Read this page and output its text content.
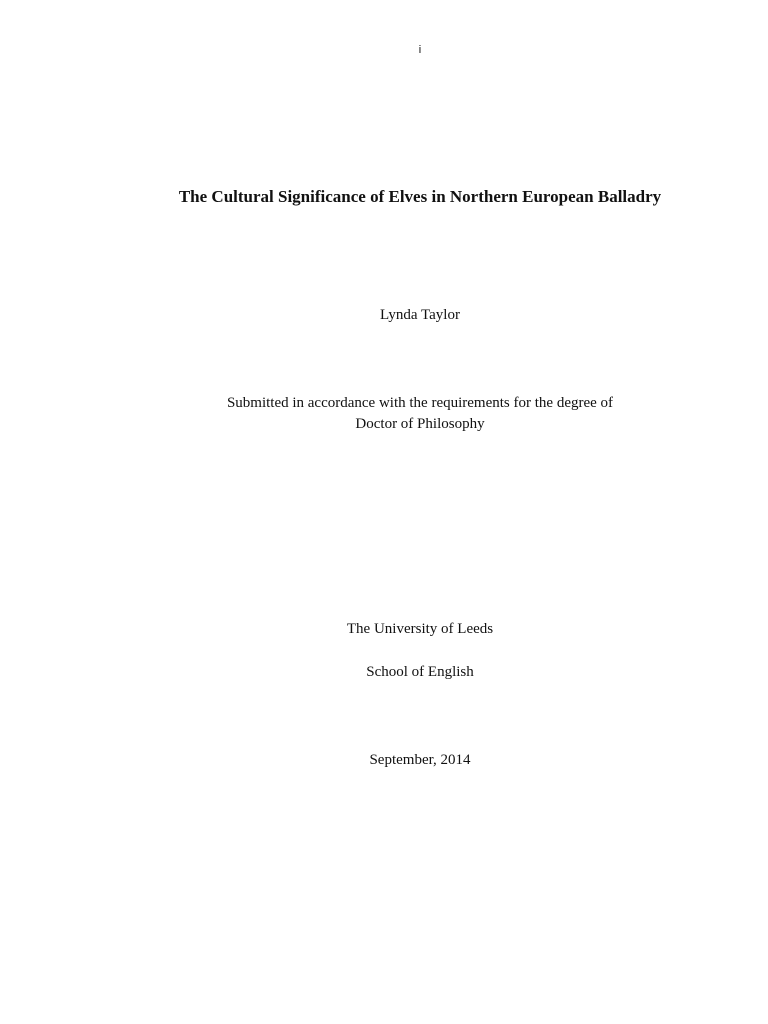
i
The Cultural Significance of Elves in Northern European Balladry
Lynda Taylor
Submitted in accordance with the requirements for the degree of
Doctor of Philosophy
The University of Leeds
School of English
September, 2014
